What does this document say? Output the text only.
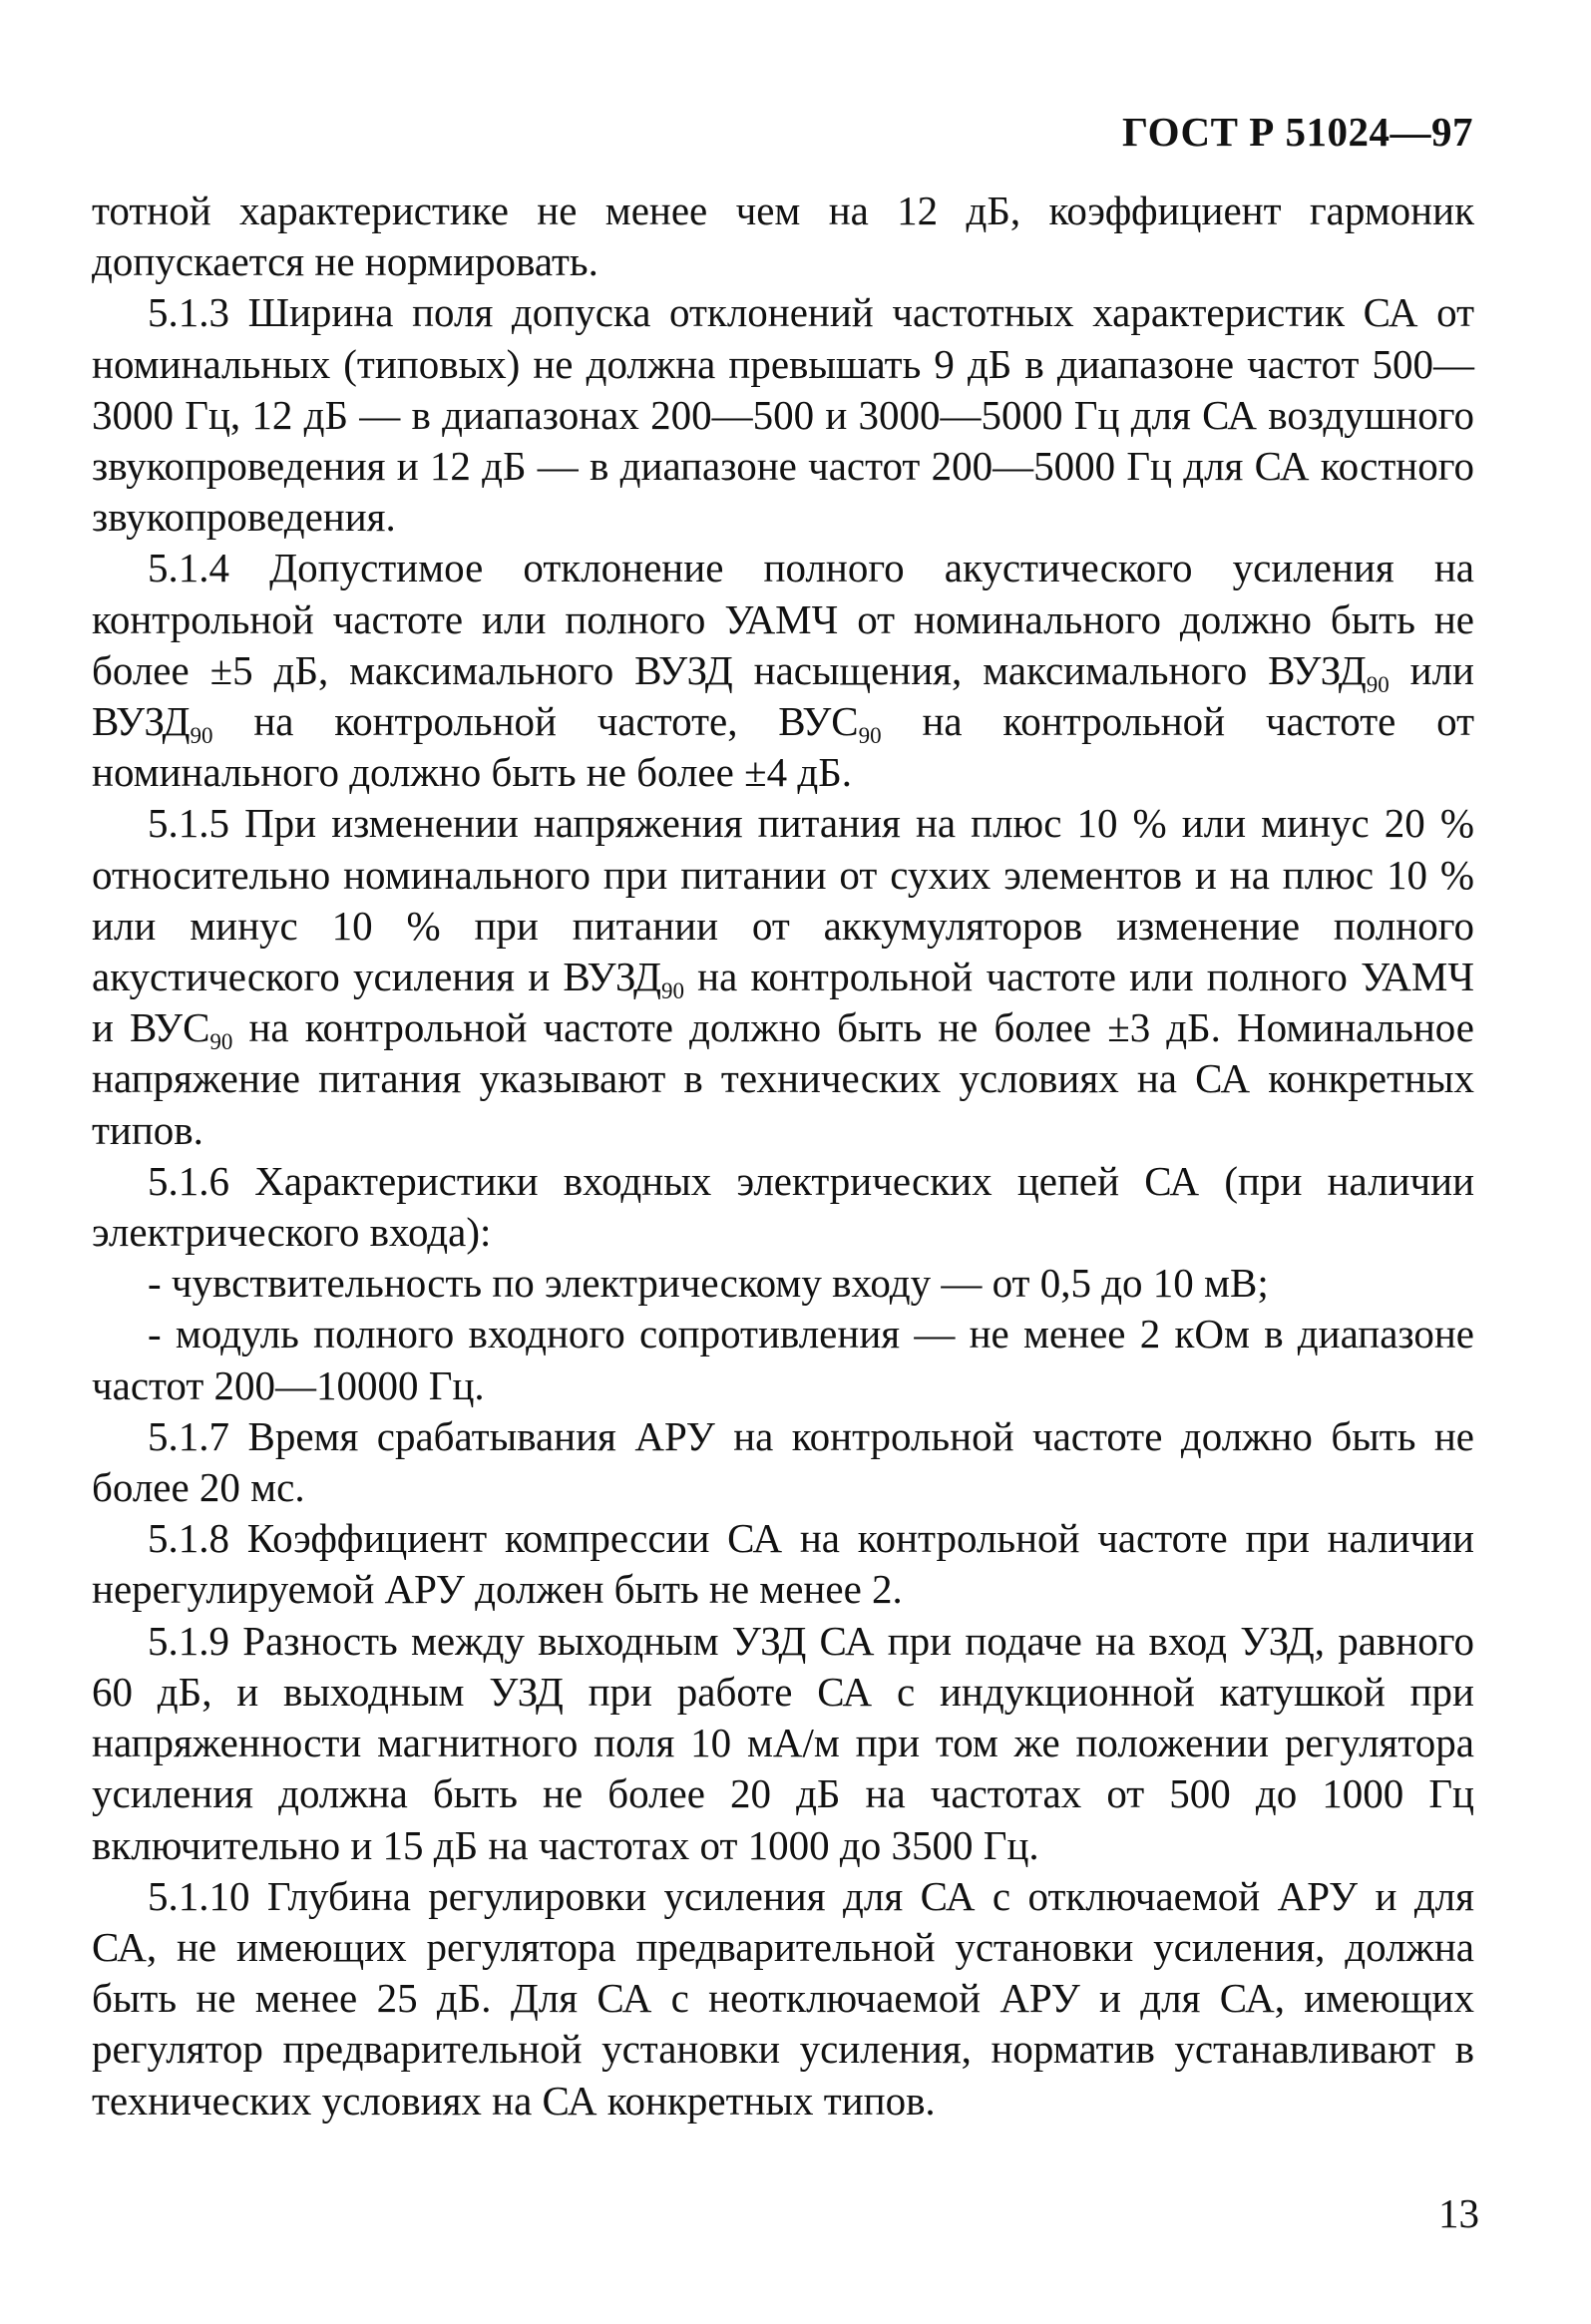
ГОСТ Р 51024—97

тотной характеристике не менее чем на 12 дБ, коэффициент гармоник допускается не нормировать.

5.1.3 Ширина поля допуска отклонений частотных характеристик СА от номинальных (типовых) не должна превышать 9 дБ в диапазоне частот 500—3000 Гц, 12 дБ — в диапазонах 200—500 и 3000—5000 Гц для СА воздушного звукопроведения и 12 дБ — в диапазоне частот 200—5000 Гц для СА костного звукопроведения.

5.1.4 Допустимое отклонение полного акустического усиления на контрольной частоте или полного УАМЧ от номинального должно быть не более ±5 дБ, максимального ВУЗД насыщения, максимального $ВУЗД_{90}$ или $ВУЗД_{90}$ на контрольной частоте, $ВУС_{90}$ на контрольной частоте от номинального должно быть не более ±4 дБ.

5.1.5 При изменении напряжения питания на плюс 10 % или минус 20 % относительно номинального при питании от сухих элементов и на плюс 10 % или минус 10 % при питании от аккумуляторов изменение полного акустического усиления и $ВУЗД_{90}$ на контрольной частоте или полного УАМЧ и $ВУС_{90}$ на контрольной частоте должно быть не более ±3 дБ. Номинальное напряжение питания указывают в технических условиях на СА конкретных типов.

5.1.6 Характеристики входных электрических цепей СА (при наличии электрического входа):

- чувствительность по электрическому входу — от 0,5 до 10 мВ;

- модуль полного входного сопротивления — не менее 2 кОм в диапазоне частот 200—10000 Гц.

5.1.7 Время срабатывания АРУ на контрольной частоте должно быть не более 20 мс.

5.1.8 Коэффициент компрессии СА на контрольной частоте при наличии нерегулируемой АРУ должен быть не менее 2.

5.1.9 Разность между выходным УЗД СА при подаче на вход УЗД, равного 60 дБ, и выходным УЗД при работе СА с индукционной катушкой при напряженности магнитного поля 10 мА/м при том же положении регулятора усиления должна быть не более 20 дБ на частотах от 500 до 1000 Гц включительно и 15 дБ на частотах от 1000 до 3500 Гц.

5.1.10 Глубина регулировки усиления для СА с отключаемой АРУ и для СА, не имеющих регулятора предварительной установки усиления, должна быть не менее 25 дБ. Для СА с неотключаемой АРУ и для СА, имеющих регулятор предварительной установки усиления, норматив устанавливают в технических условиях на СА конкретных типов.

13
